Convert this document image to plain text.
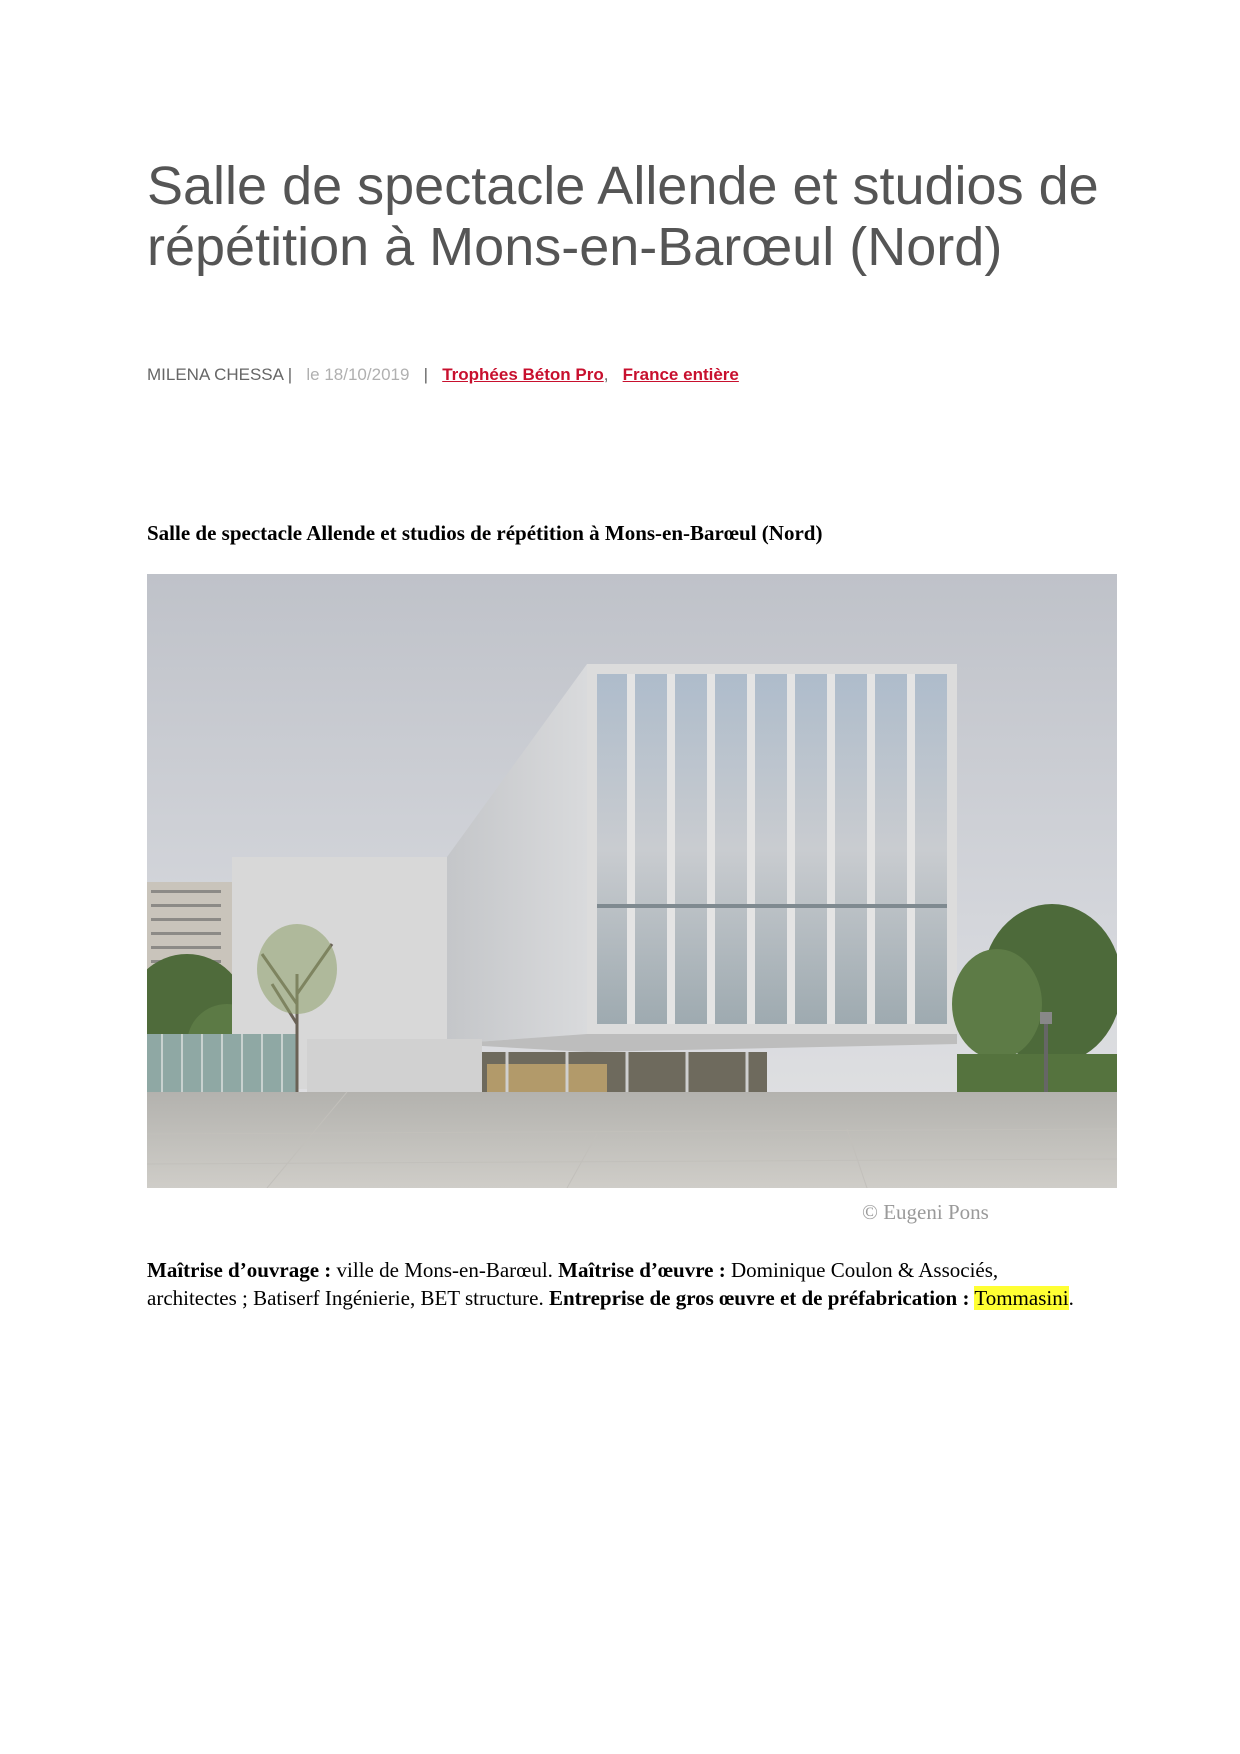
Salle de spectacle Allende et studios de répétition à Mons-en-Barœul (Nord)
MILENA CHESSA | le 18/10/2019 | Trophées Béton Pro, France entière
Salle de spectacle Allende et studios de répétition à Mons-en-Barœul (Nord)
© Eugeni Pons

Maîtrise d’ouvrage : ville de Mons-en-Barœul. Maîtrise d’œuvre : Dominique Coulon & Associés, architectes ; Batiserf Ingénierie, BET structure. Entreprise de gros œuvre et de préfabrication : Tommasini.
